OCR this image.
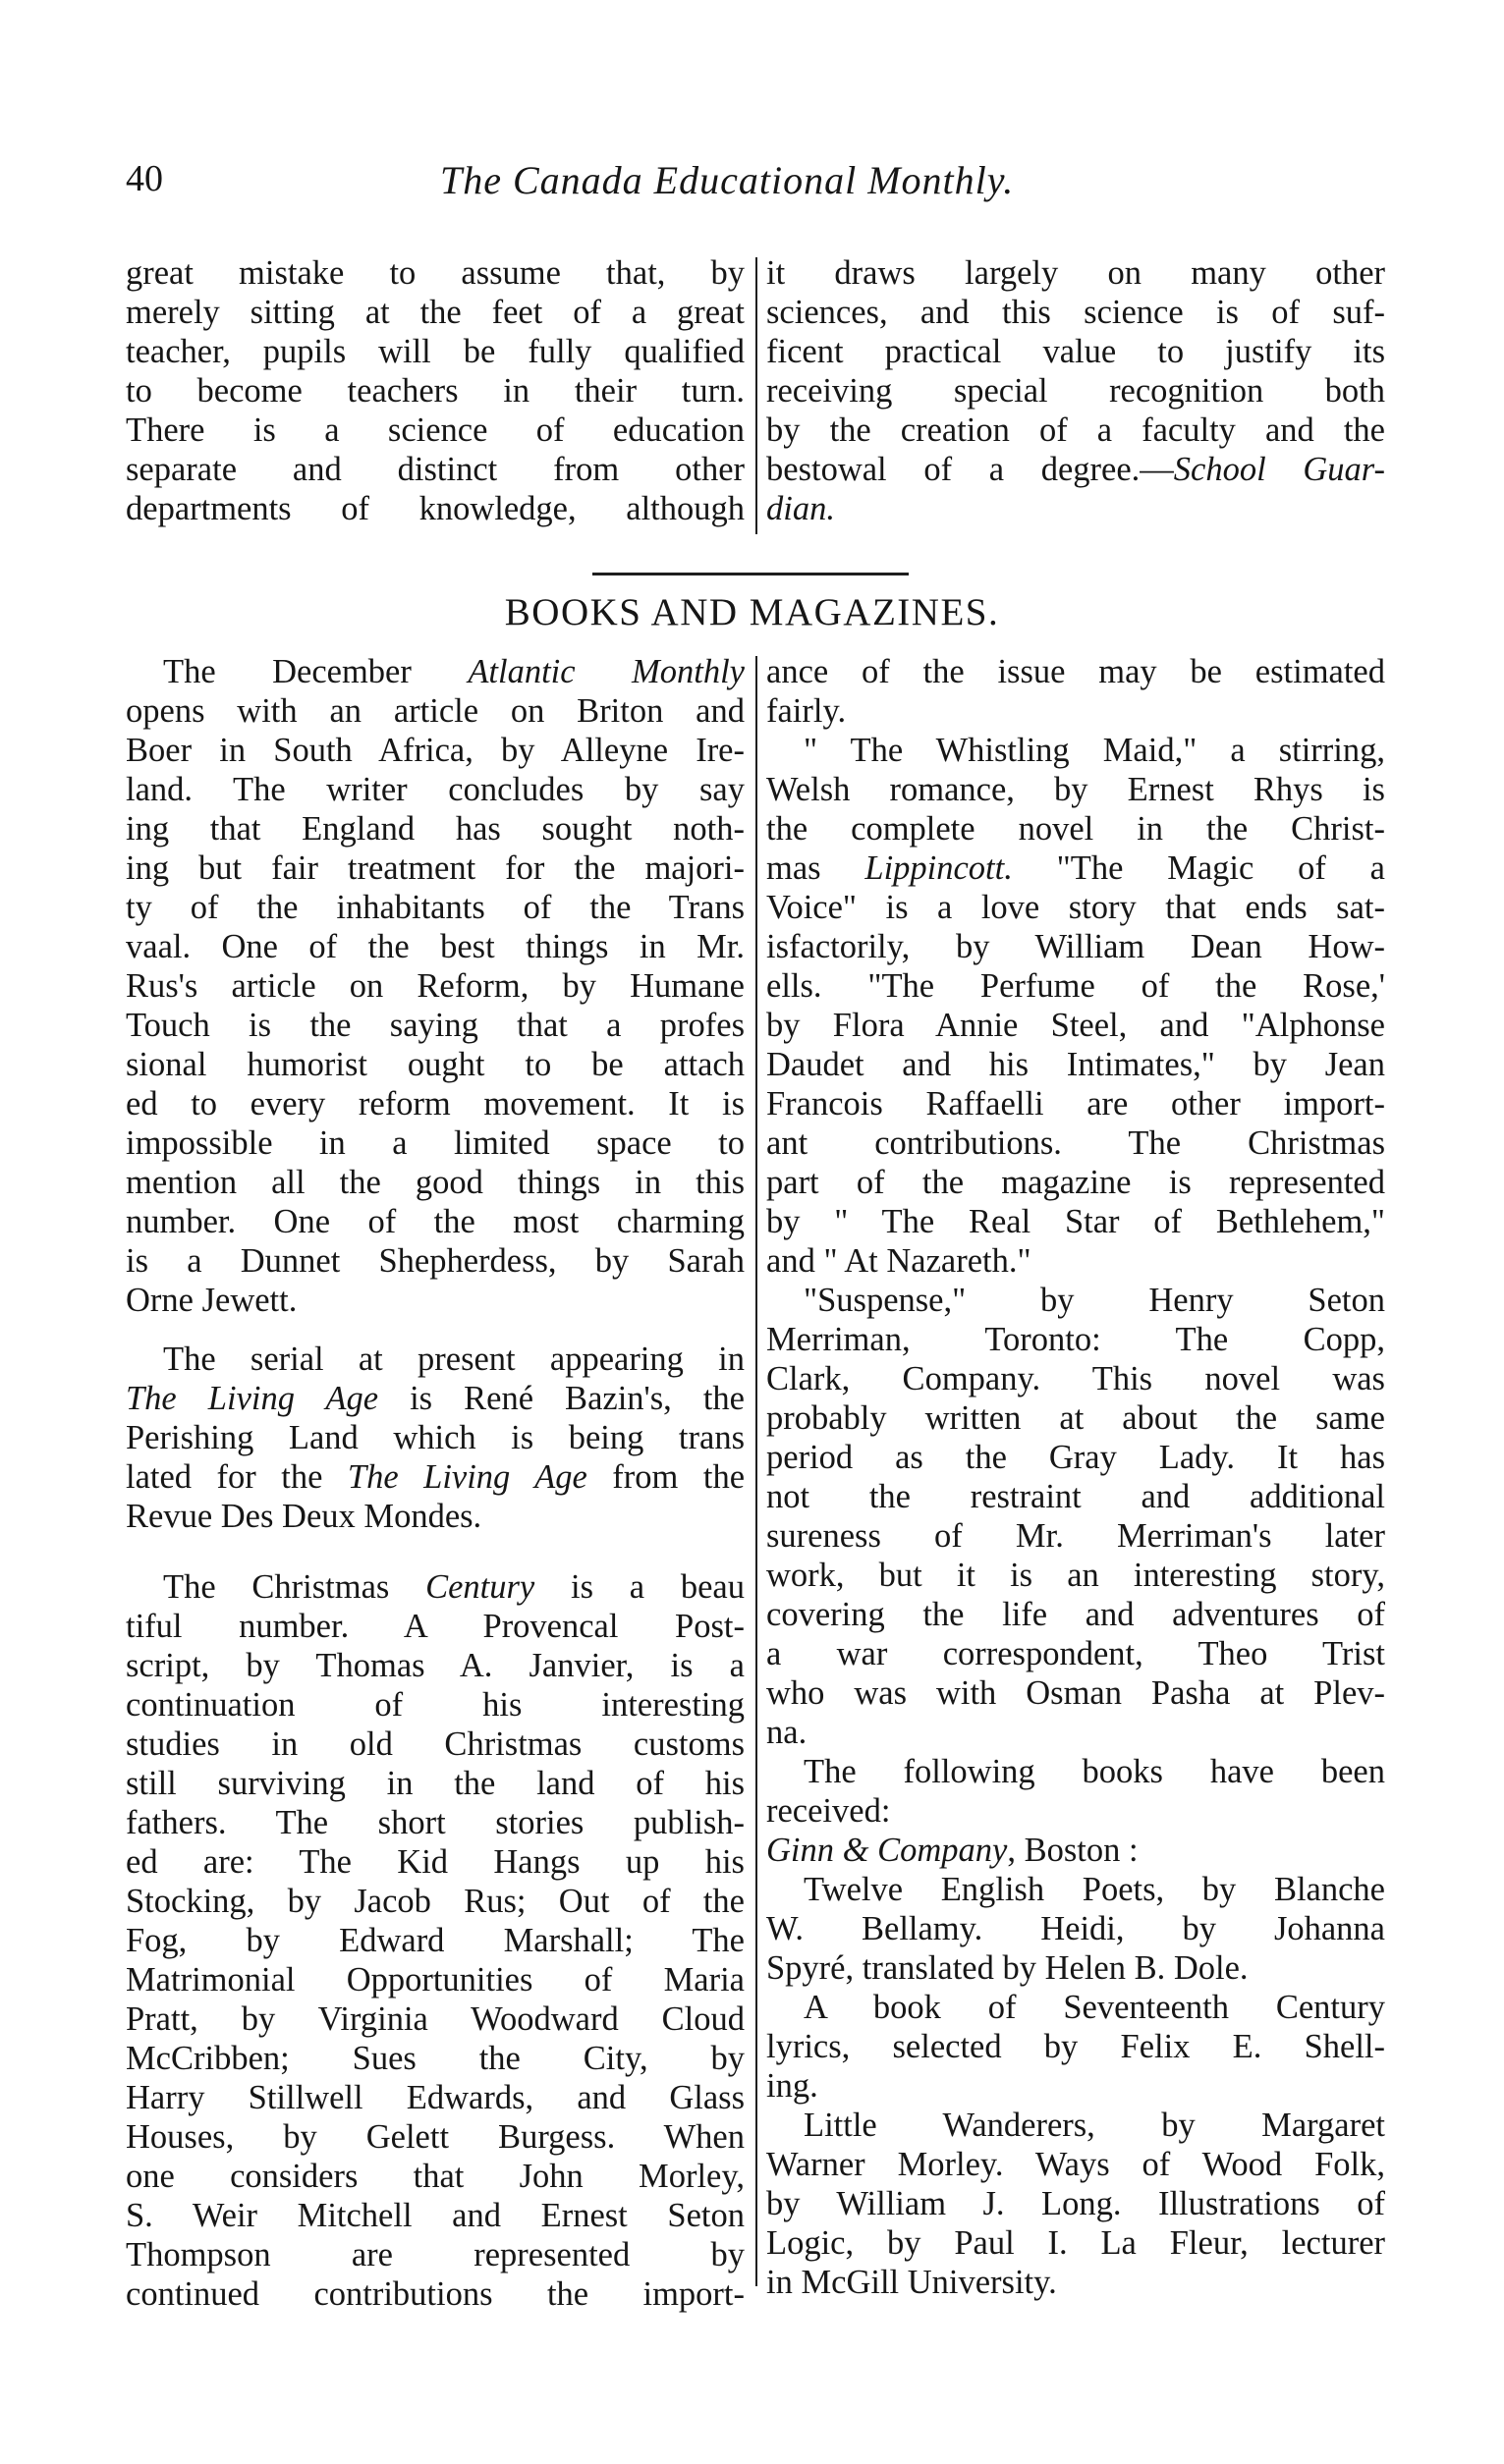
40	The Canada Educational Monthly.
great mistake to assume that, by
merely sitting at the feet of a great
teacher, pupils will be fully qualified
to become teachers in their turn.
There is a science of education
separate and distinct from other
departments of knowledge, although
it draws largely on many other
sciences, and this science is of suf-
ficent practical value to justify its
receiving special recognition both
by the creation of a faculty and the
bestowal of a degree.—School Guar-
dian.
BOOKS AND MAGAZINES.
The December Atlantic Monthly
opens with an article on Briton and
Boer in South Africa, by Alleyne Ire-
land. The writer concludes by say
ing that England has sought noth-
ing but fair treatment for the majori-
ty of the inhabitants of the Trans
vaal. One of the best things in Mr.
Rus's article on Reform, by Humane
Touch is the saying that a profes
sional humorist ought to be attach
ed to every reform movement. It is
impossible in a limited space to
mention all the good things in this
number. One of the most charming
is a Dunnet Shepherdess, by Sarah
Orne Jewett.
The serial at present appearing in
The Living Age is René Bazin's, the
Perishing Land which is being trans
lated for the The Living Age from the
Revue Des Deux Mondes.
The Christmas Century is a beau
tiful number. A Provencal Post-
script, by Thomas A. Janvier, is a
continuation of his interesting
studies in old Christmas customs
still surviving in the land of his
fathers. The short stories publish-
ed are: The Kid Hangs up his
Stocking, by Jacob Rus; Out of the
Fog, by Edward Marshall; The
Matrimonial Opportunities of Maria
Pratt, by Virginia Woodward Cloud
McCribben; Sues the City, by
Harry Stillwell Edwards, and Glass
Houses, by Gelett Burgess. When
one considers that John Morley,
S. Weir Mitchell and Ernest Seton
Thompson are represented by
continued contributions the import-
ance of the issue may be estimated
fairly.
" The Whistling Maid," a stirring,
Welsh romance, by Ernest Rhys is
the complete novel in the Christ-
mas Lippincott. "The Magic of a
Voice" is a love story that ends sat-
isfactorily, by William Dean How-
ells. "The Perfume of the Rose,'
by Flora Annie Steel, and "Alphonse
Daudet and his Intimates," by Jean
Francois Raffaelli are other import-
ant contributions. The Christmas
part of the magazine is represented
by " The Real Star of Bethlehem,"
and " At Nazareth."
"Suspense," by Henry Seton
Merriman, Toronto: The Copp,
Clark, Company. This novel was
probably written at about the same
period as the Gray Lady. It has
not the restraint and additional
sureness of Mr. Merriman's later
work, but it is an interesting story,
covering the life and adventures of
a war correspondent, Theo Trist
who was with Osman Pasha at Plev-
na.
The following books have been
received:
Ginn & Company, Boston :
Twelve English Poets, by Blanche
W. Bellamy. Heidi, by Johanna
Spyré, translated by Helen B. Dole.
A book of Seventeenth Century
lyrics, selected by Felix E. Shell-
ing.
Little Wanderers, by Margaret
Warner Morley. Ways of Wood Folk,
by William J. Long. Illustrations of
Logic, by Paul I. La Fleur, lecturer
in McGill University.
